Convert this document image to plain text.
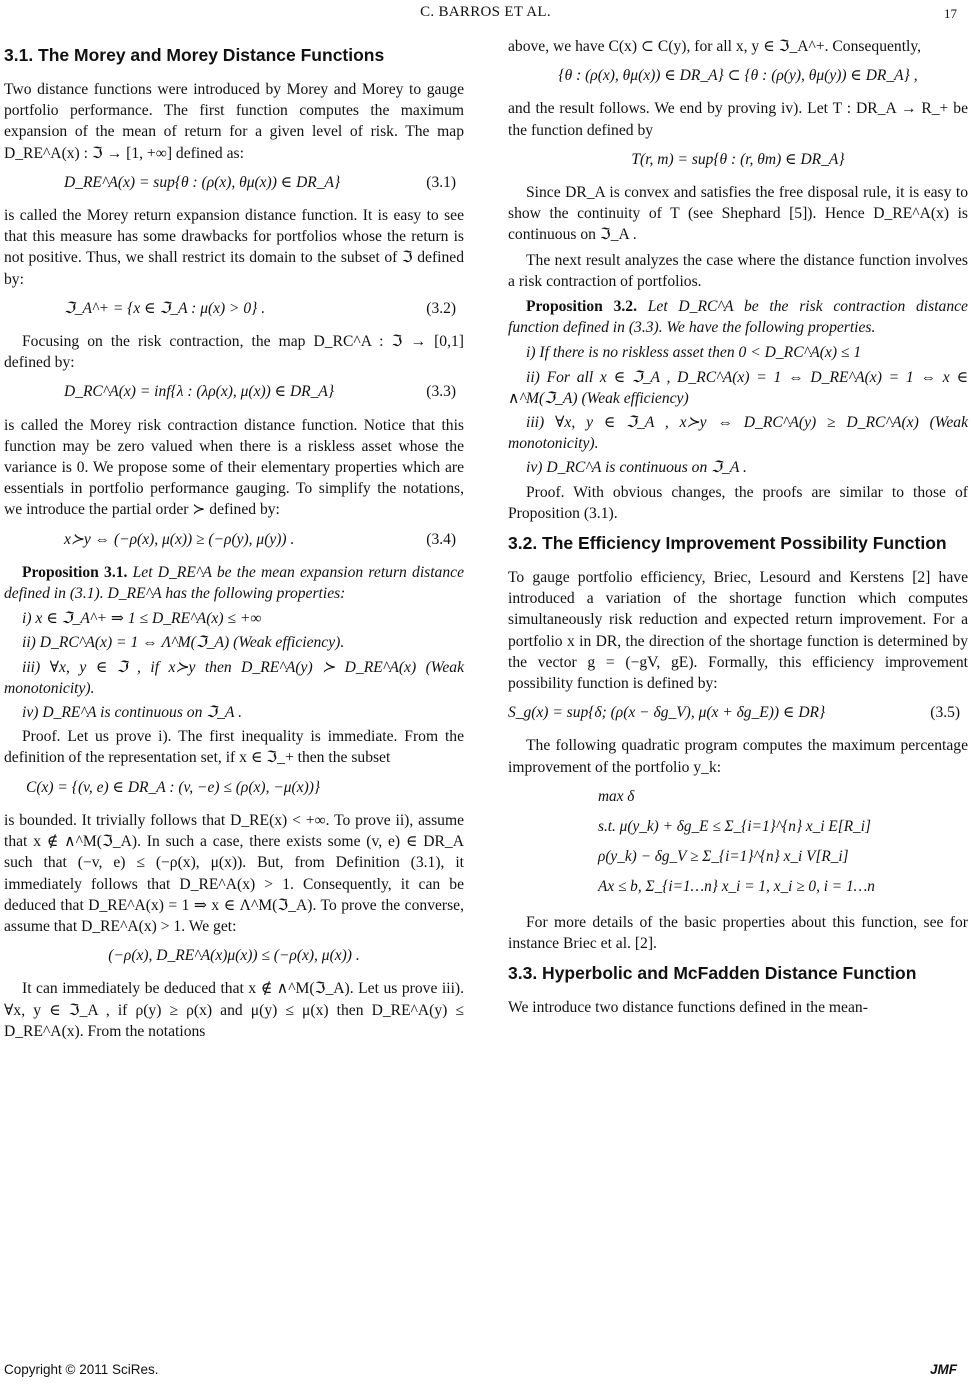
C. BARROS ET AL.	17
3.1. The Morey and Morey Distance Functions

Two distance functions were introduced by Morey and Morey to gauge portfolio performance. The first function computes the maximum expansion of the mean of return for a given level of risk. The map D_RE^A(x) : ℑ → [1, +∞] defined as:

D_RE^A(x) = sup{θ : (ρ(x), θμ(x)) ∈ DR_A}	(3.1)

is called the Morey return expansion distance function. It is easy to see that this measure has some drawbacks for portfolios whose the return is not positive. Thus, we shall restrict its domain to the subset of ℑ defined by:

ℑ_A^+ = {x ∈ ℑ_A : μ(x) > 0} .	(3.2)

Focusing on the risk contraction, the map D_RC^A : ℑ → [0,1] defined by:

D_RC^A(x) = inf{λ : (λρ(x), μ(x)) ∈ DR_A}	(3.3)

is called the Morey risk contraction distance function. Notice that this function may be zero valued when there is a riskless asset whose the variance is 0. We propose some of their elementary properties which are essentials in portfolio performance gauging. To simplify the notations, we introduce the partial order ≻ defined by:

x≻y ⇔ (−ρ(x), μ(x)) ≥ (−ρ(y), μ(y)) .	(3.4)

Proposition 3.1. Let D_RE^A be the mean expansion return distance defined in (3.1). D_RE^A has the following properties:

i) x ∈ ℑ_A^+ ⇒ 1 ≤ D_RE^A(x) ≤ +∞

ii) D_RC^A(x) = 1 ⇔ Λ^M(ℑ_A) (Weak efficiency).

iii) ∀x, y ∈ ℑ , if x≻y then D_RE^A(y) ≻ D_RE^A(x) (Weak monotonicity).

iv) D_RE^A is continuous on ℑ_A .

Proof. Let us prove i). The first inequality is immediate. From the definition of the representation set, if x ∈ ℑ_+ then the subset

C(x) = {(v, e) ∈ DR_A : (v, −e) ≤ (ρ(x), −μ(x))}

is bounded. It trivially follows that D_RE(x) < +∞. To prove ii), assume that x ∉ ∧^M(ℑ_A). In such a case, there exists some (v, e) ∈ DR_A such that (−v, e) ≤ (−ρ(x), μ(x)). But, from Definition (3.1), it immediately follows that D_RE^A(x) > 1. Consequently, it can be deduced that D_RE^A(x) = 1 ⇒ x ∈ Λ^M(ℑ_A). To prove the converse, assume that D_RE^A(x) > 1. We get:

(−ρ(x), D_RE^A(x)μ(x)) ≤ (−ρ(x), μ(x)) .

It can immediately be deduced that x ∉ ∧^M(ℑ_A). Let us prove iii). ∀x, y ∈ ℑ_A , if ρ(y) ≥ ρ(x) and μ(y) ≤ μ(x) then D_RE^A(y) ≤ D_RE^A(x). From the notations

above, we have C(x) ⊂ C(y), for all x, y ∈ ℑ_A^+. Consequently,

{θ : (ρ(x), θμ(x)) ∈ DR_A} ⊂ {θ : (ρ(y), θμ(y)) ∈ DR_A} ,

and the result follows. We end by proving iv). Let T : DR_A → R_+ be the function defined by

T(r, m) = sup{θ : (r, θm) ∈ DR_A}

Since DR_A is convex and satisfies the free disposal rule, it is easy to show the continuity of T (see Shephard [5]). Hence D_RE^A(x) is continuous on ℑ_A .

The next result analyzes the case where the distance function involves a risk contraction of portfolios.

Proposition 3.2. Let D_RC^A be the risk contraction distance function defined in (3.3). We have the following properties.

i) If there is no riskless asset then 0 < D_RC^A(x) ≤ 1

ii) For all x ∈ ℑ_A , D_RC^A(x) = 1 ⇔ D_RE^A(x) = 1 ⇔ x ∈ ∧^M(ℑ_A) (Weak efficiency)

iii) ∀x, y ∈ ℑ_A , x≻y ⇔ D_RC^A(y) ≥ D_RC^A(x) (Weak monotonicity).

iv) D_RC^A is continuous on ℑ_A .

Proof. With obvious changes, the proofs are similar to those of Proposition (3.1).

3.2. The Efficiency Improvement Possibility Function

To gauge portfolio efficiency, Briec, Lesourd and Kerstens [2] have introduced a variation of the shortage function which computes simultaneously risk reduction and expected return improvement. For a portfolio x in DR, the direction of the shortage function is determined by the vector g = (−gV, gE). Formally, this efficiency improvement possibility function is defined by:

S_g(x) = sup{δ; (ρ(x − δg_V), μ(x + δg_E)) ∈ DR}	(3.5)

The following quadratic program computes the maximum percentage improvement of the portfolio y_k:

max δ
s.t. μ(y_k) + δg_E ≤ Σ_{i=1}^{n} x_i E[R_i]
ρ(y_k) − δg_V ≥ Σ_{i=1}^{n} x_i V[R_i]
Ax ≤ b, Σ_{i=1…n} x_i = 1, x_i ≥ 0, i = 1…n

For more details of the basic properties about this function, see for instance Briec et al. [2].

3.3. Hyperbolic and McFadden Distance Function

We introduce two distance functions defined in the mean-

Copyright © 2011 SciRes.	JMF
